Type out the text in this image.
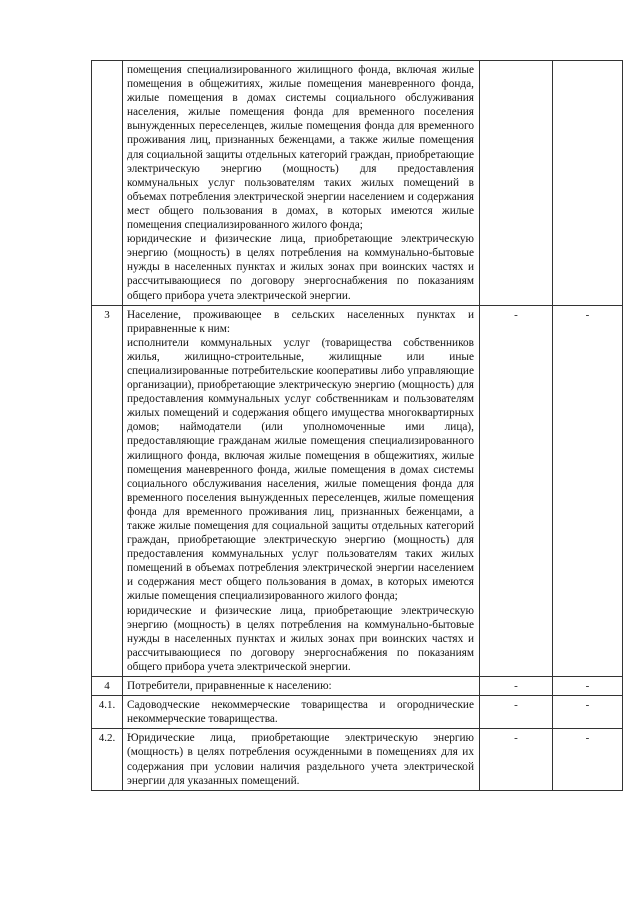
	помещения специализированного жилищного фонда, включая жилые помещения в общежитиях, жилые помещения маневренного фонда, жилые помещения в домах системы социального обслуживания населения, жилые помещения фонда для временного поселения вынужденных переселенцев, жилые помещения фонда для временного проживания лиц, признанных беженцами, а также жилые помещения для социальной защиты отдельных категорий граждан, приобретающие электрическую энергию (мощность) для предоставления коммунальных услуг пользователям таких жилых помещений в объемах потребления электрической энергии населением и содержания мест общего пользования в домах, в которых имеются жилые помещения специализированного жилого фонда;

юридические и физические лица, приобретающие электрическую энергию (мощность) в целях потребления на коммунально-бытовые нужды в населенных пунктах и жилых зонах при воинских частях и рассчитывающиеся по договору энергоснабжения по показаниям общего прибора учета электрической энергии.		

3	Население, проживающее в сельских населенных пунктах и приравненные к ним:

исполнители коммунальных услуг (товарищества собственников жилья, жилищно-строительные, жилищные или иные специализированные потребительские кооперативы либо управляющие организации), приобретающие электрическую энергию (мощность) для предоставления коммунальных услуг собственникам и пользователям жилых помещений и содержания общего имущества многоквартирных домов; наймодатели (или уполномоченные ими лица), предоставляющие гражданам жилые помещения специализированного жилищного фонда, включая жилые помещения в общежитиях, жилые помещения маневренного фонда, жилые помещения в домах системы социального обслуживания населения, жилые помещения фонда для временного поселения вынужденных переселенцев, жилые помещения фонда для временного проживания лиц, признанных беженцами, а также жилые помещения для социальной защиты отдельных категорий граждан, приобретающие электрическую энергию (мощность) для предоставления коммунальных услуг пользователям таких жилых помещений в объемах потребления электрической энергии населением и содержания мест общего пользования в домах, в которых имеются жилые помещения специализированного жилого фонда;

юридические и физические лица, приобретающие электрическую энергию (мощность) в целях потребления на коммунально-бытовые нужды в населенных пунктах и жилых зонах при воинских частях и рассчитывающиеся по договору энергоснабжения по показаниям общего прибора учета электрической энергии.	-	-
4	Потребители, приравненные к населению:	-	-
4.1.	Садоводческие некоммерческие товарищества и огороднические некоммерческие товарищества.	-	-
4.2.	Юридические лица, приобретающие электрическую энергию (мощность) в целях потребления осужденными в помещениях для их содержания при условии наличия раздельного учета электрической энергии для указанных помещений.	-	-
